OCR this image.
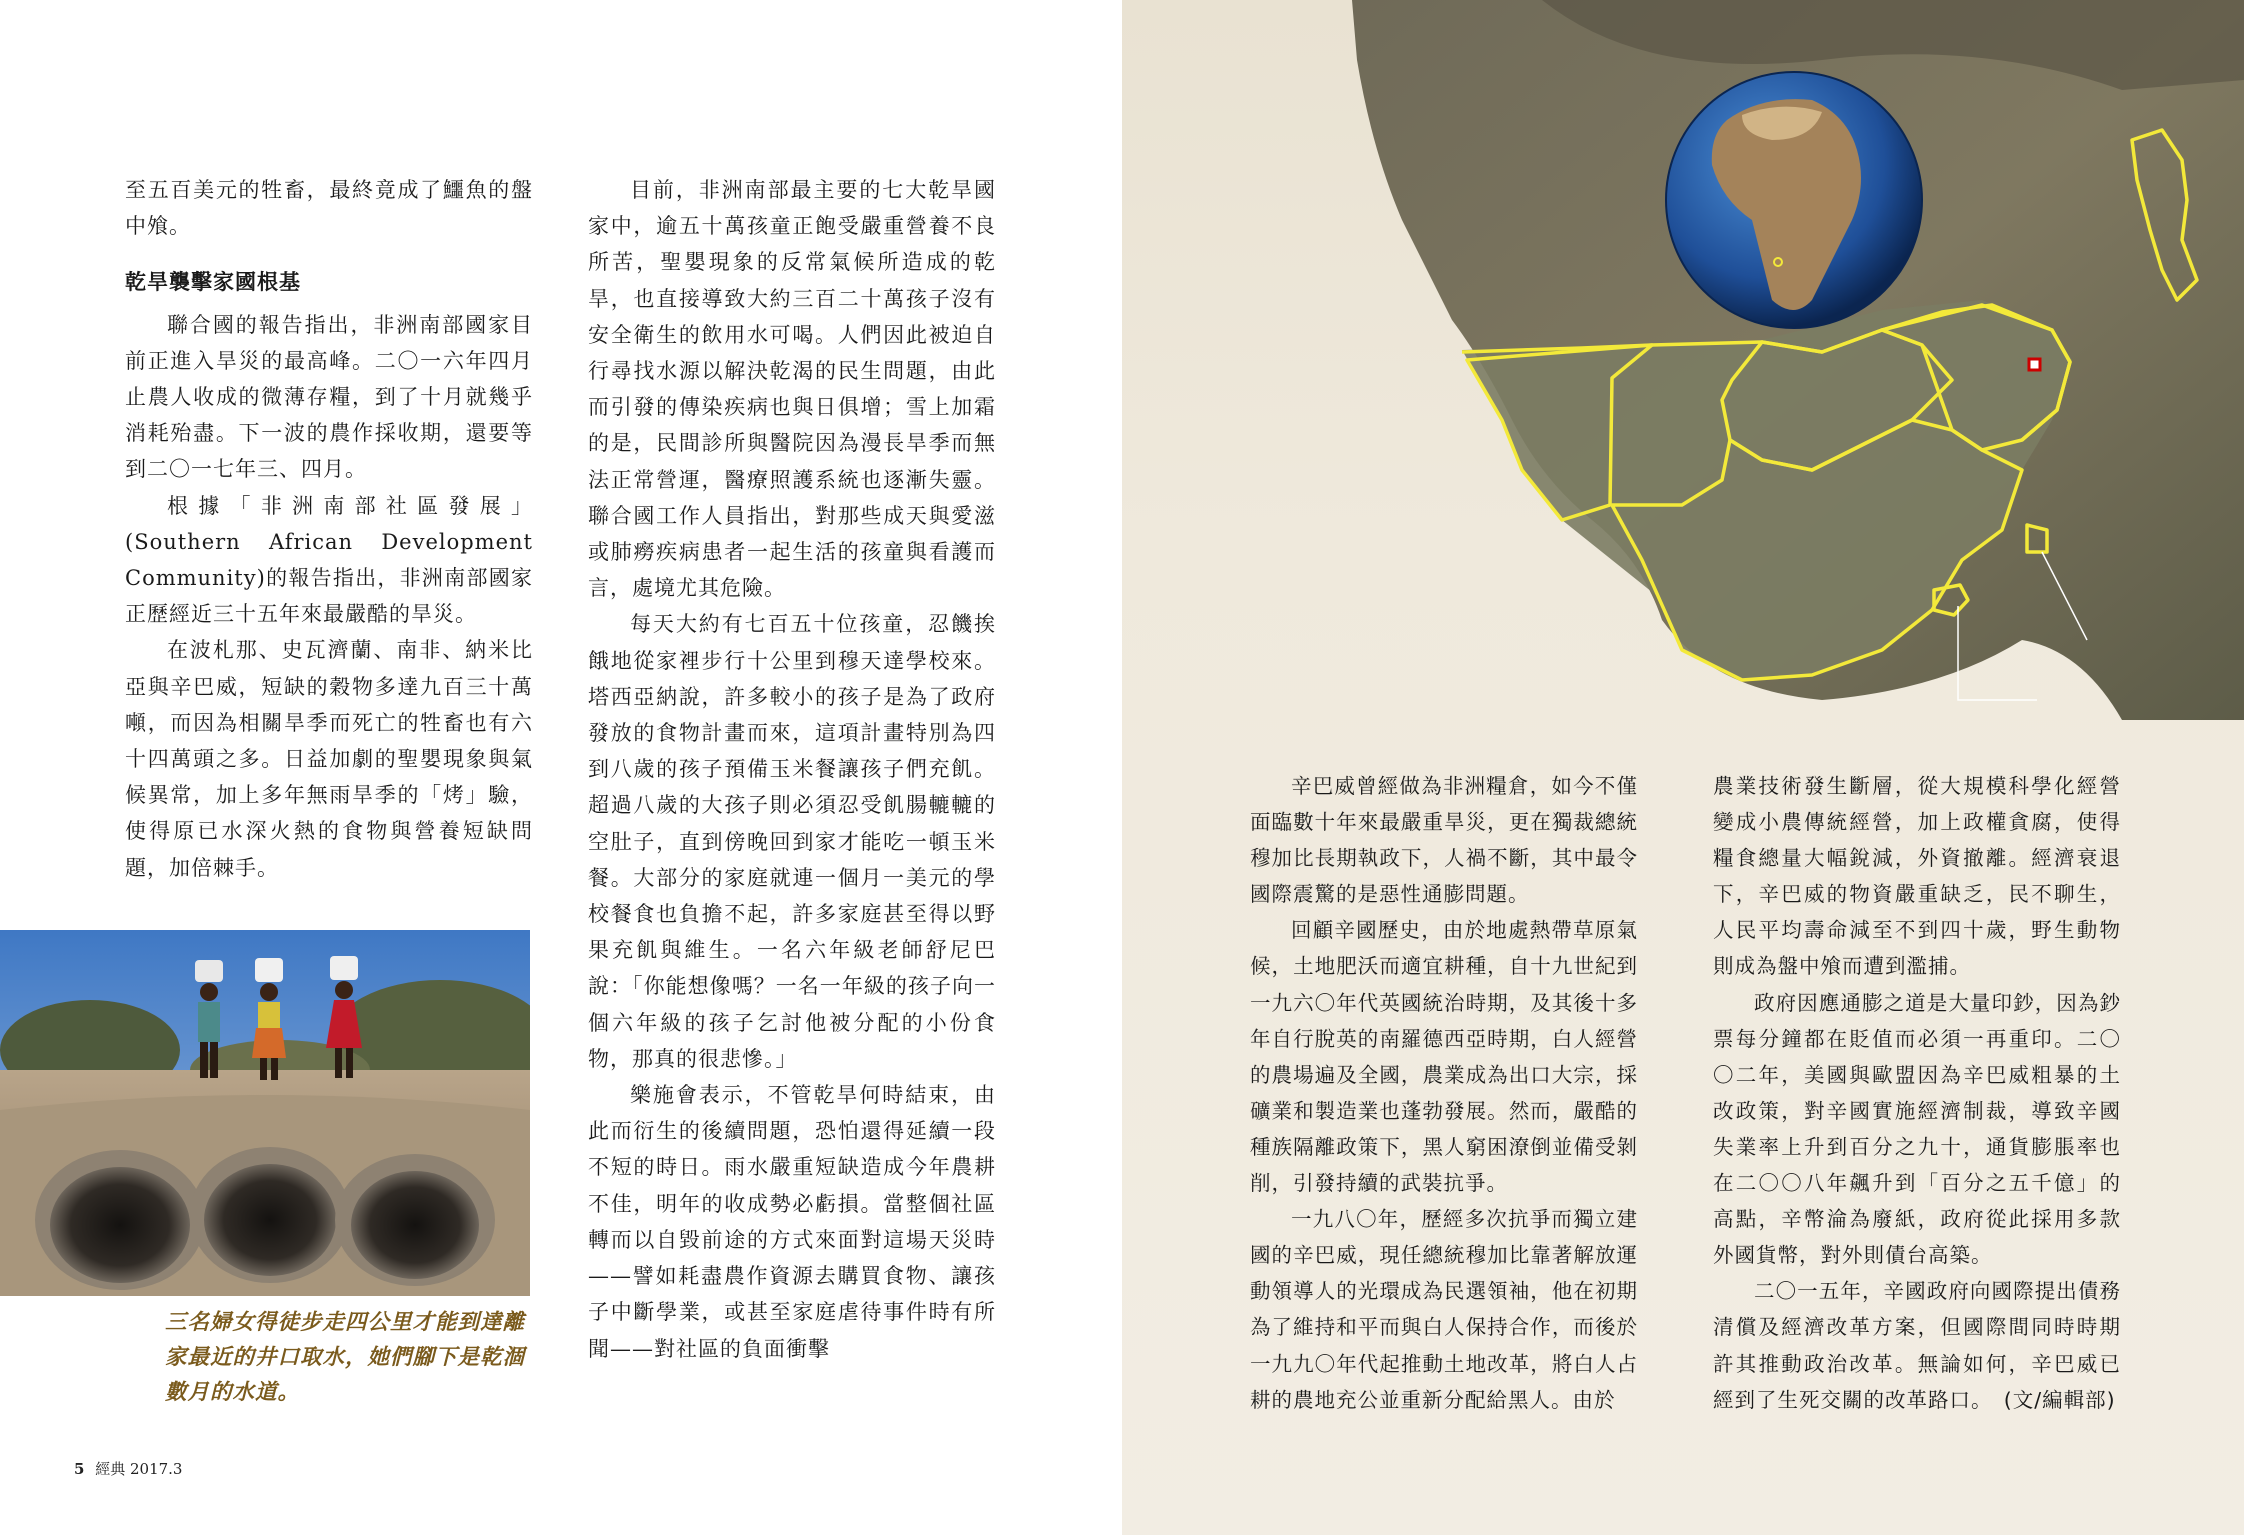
至五百美元的牲畜，最終竟成了鱷魚的盤中飧。

乾旱襲擊家國根基

聯合國的報告指出，非洲南部國家目前正進入旱災的最高峰。二〇一六年四月止農人收成的微薄存糧，到了十月就幾乎消耗殆盡。下一波的農作採收期，還要等到二〇一七年三、四月。

根據「非洲南部社區發展」(Southern African Development Community)的報告指出，非洲南部國家正歷經近三十五年來最嚴酷的旱災。

在波札那、史瓦濟蘭、南非、納米比亞與辛巴威，短缺的穀物多達九百三十萬噸，而因為相關旱季而死亡的牲畜也有六十四萬頭之多。日益加劇的聖嬰現象與氣候異常，加上多年無雨旱季的「烤」驗，使得原已水深火熱的食物與營養短缺問題，加倍棘手。

目前，非洲南部最主要的七大乾旱國家中，逾五十萬孩童正飽受嚴重營養不良所苦，聖嬰現象的反常氣候所造成的乾旱，也直接導致大約三百二十萬孩子沒有安全衛生的飲用水可喝。人們因此被迫自行尋找水源以解決乾渴的民生問題，由此而引發的傳染疾病也與日俱增；雪上加霜的是，民間診所與醫院因為漫長旱季而無法正常營運，醫療照護系統也逐漸失靈。聯合國工作人員指出，對那些成天與愛滋或肺癆疾病患者一起生活的孩童與看護而言，處境尤其危險。

每天大約有七百五十位孩童，忍饑挨餓地從家裡步行十公里到穆天達學校來。塔西亞納說，許多較小的孩子是為了政府發放的食物計畫而來，這項計畫特別為四到八歲的孩子預備玉米餐讓孩子們充飢。超過八歲的大孩子則必須忍受飢腸轆轆的空肚子，直到傍晚回到家才能吃一頓玉米餐。大部分的家庭就連一個月一美元的學校餐食也負擔不起，許多家庭甚至得以野果充飢與維生。一名六年級老師舒尼巴說：「你能想像嗎？一名一年級的孩子向一個六年級的孩子乞討他被分配的小份食物，那真的很悲慘。」

樂施會表示，不管乾旱何時結束，由此而衍生的後續問題，恐怕還得延續一段不短的時日。雨水嚴重短缺造成今年農耕不佳，明年的收成勢必虧損。當整個社區轉而以自毀前途的方式來面對這場天災時——譬如耗盡農作資源去購買食物、讓孩子中斷學業，或甚至家庭虐待事件時有所聞——對社區的負面衝擊

三名婦女得徒步走四公里才能到達離家最近的井口取水，她們腳下是乾涸數月的水道。
5 經典 2017.3

辛巴威曾經做為非洲糧倉，如今不僅面臨數十年來最嚴重旱災，更在獨裁總統穆加比長期執政下，人禍不斷，其中最令國際震驚的是惡性通膨問題。

回顧辛國歷史，由於地處熱帶草原氣候，土地肥沃而適宜耕種，自十九世紀到一九六〇年代英國統治時期，及其後十多年自行脫英的南羅德西亞時期，白人經營的農場遍及全國，農業成為出口大宗，採礦業和製造業也蓬勃發展。然而，嚴酷的種族隔離政策下，黑人窮困潦倒並備受剝削，引發持續的武裝抗爭。

一九八〇年，歷經多次抗爭而獨立建國的辛巴威，現任總統穆加比靠著解放運動領導人的光環成為民選領袖，他在初期為了維持和平而與白人保持合作，而後於一九九〇年代起推動土地改革，將白人占耕的農地充公並重新分配給黑人。由於

農業技術發生斷層，從大規模科學化經營變成小農傳統經營，加上政權貪腐，使得糧食總量大幅銳減，外資撤離。經濟衰退下，辛巴威的物資嚴重缺乏，民不聊生，人民平均壽命減至不到四十歲，野生動物則成為盤中飧而遭到濫捕。

政府因應通膨之道是大量印鈔，因為鈔票每分鐘都在貶值而必須一再重印。二〇〇二年，美國與歐盟因為辛巴威粗暴的土改政策，對辛國實施經濟制裁，導致辛國失業率上升到百分之九十，通貨膨脹率也在二〇〇八年飆升到「百分之五千億」的高點，辛幣淪為廢紙，政府從此採用多款外國貨幣，對外則債台高築。

二〇一五年，辛國政府向國際提出債務清償及經濟改革方案，但國際間同時時期許其推動政治改革。無論如何，辛巴威已經到了生死交關的改革路口。　(文/編輯部)
